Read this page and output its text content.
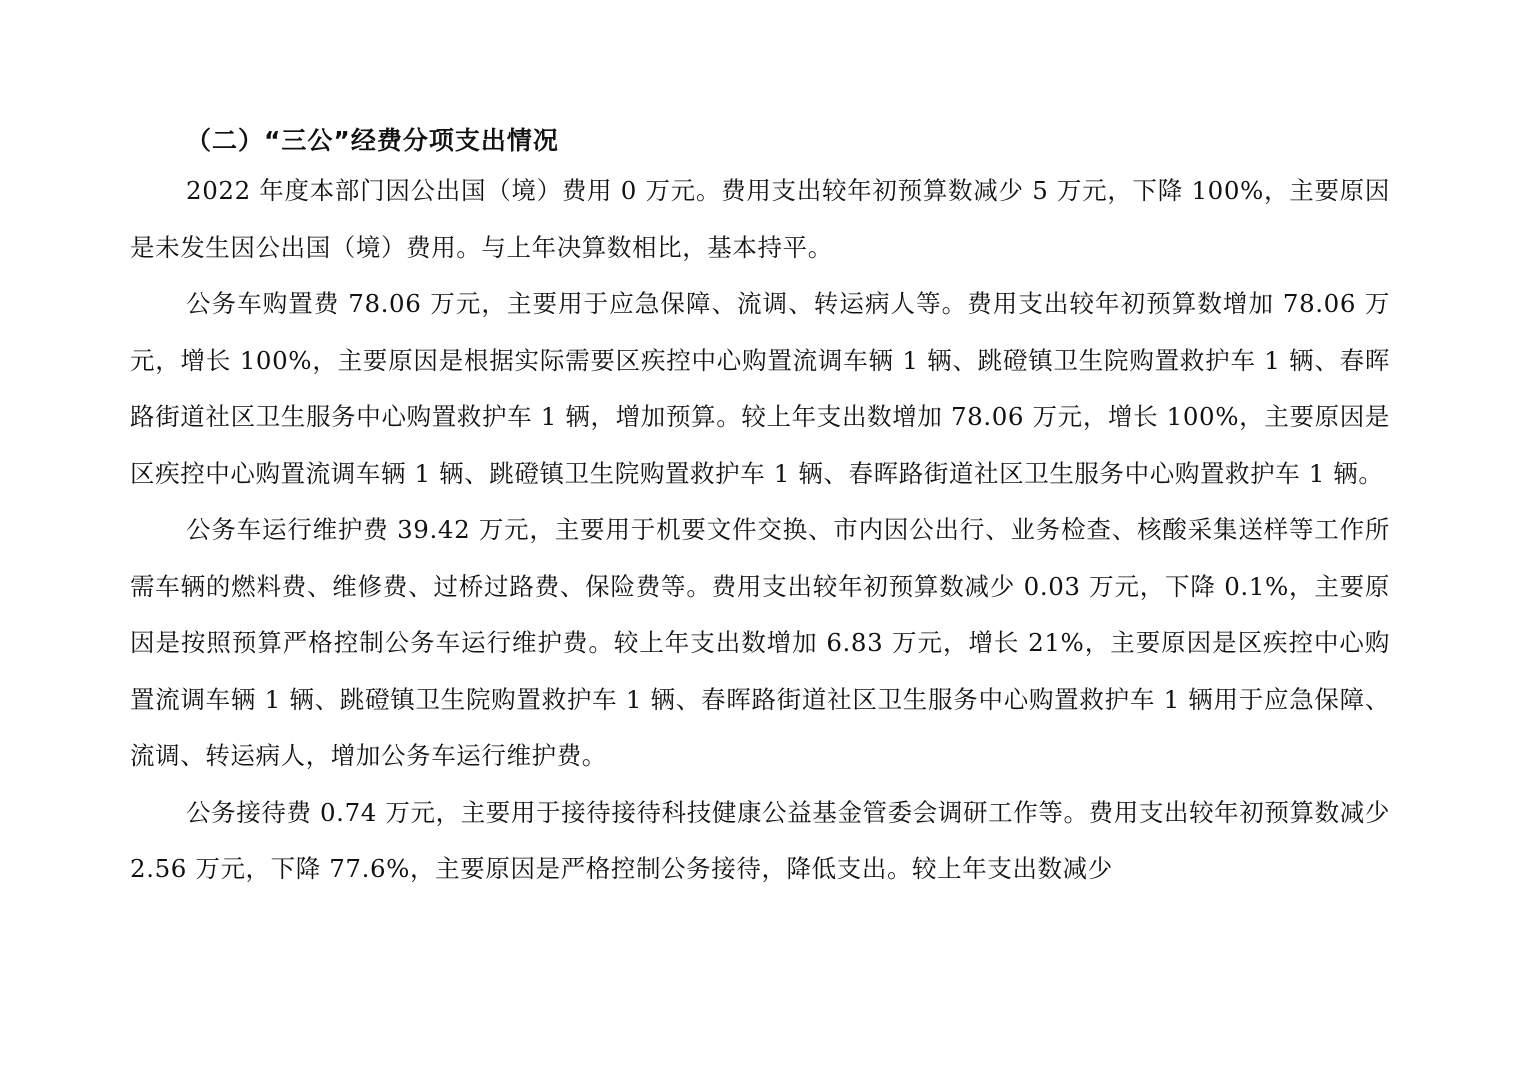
（二）“三公”经费分项支出情况

2022 年度本部门因公出国（境）费用 0 万元。费用支出较年初预算数减少 5 万元，下降 100%，主要原因是未发生因公出国（境）费用。与上年决算数相比，基本持平。

公务车购置费 78.06 万元，主要用于应急保障、流调、转运病人等。费用支出较年初预算数增加 78.06 万元，增长 100%，主要原因是根据实际需要区疾控中心购置流调车辆 1 辆、跳磴镇卫生院购置救护车 1 辆、春晖路街道社区卫生服务中心购置救护车 1 辆，增加预算。较上年支出数增加 78.06 万元，增长 100%，主要原因是区疾控中心购置流调车辆 1 辆、跳磴镇卫生院购置救护车 1 辆、春晖路街道社区卫生服务中心购置救护车 1 辆。

公务车运行维护费 39.42 万元，主要用于机要文件交换、市内因公出行、业务检查、核酸采集送样等工作所需车辆的燃料费、维修费、过桥过路费、保险费等。费用支出较年初预算数减少 0.03 万元，下降 0.1%，主要原因是按照预算严格控制公务车运行维护费。较上年支出数增加 6.83 万元，增长 21%，主要原因是区疾控中心购置流调车辆 1 辆、跳磴镇卫生院购置救护车 1 辆、春晖路街道社区卫生服务中心购置救护车 1 辆用于应急保障、流调、转运病人，增加公务车运行维护费。

公务接待费 0.74 万元，主要用于接待接待科技健康公益基金管委会调研工作等。费用支出较年初预算数减少 2.56 万元，下降 77.6%，主要原因是严格控制公务接待，降低支出。较上年支出数减少
